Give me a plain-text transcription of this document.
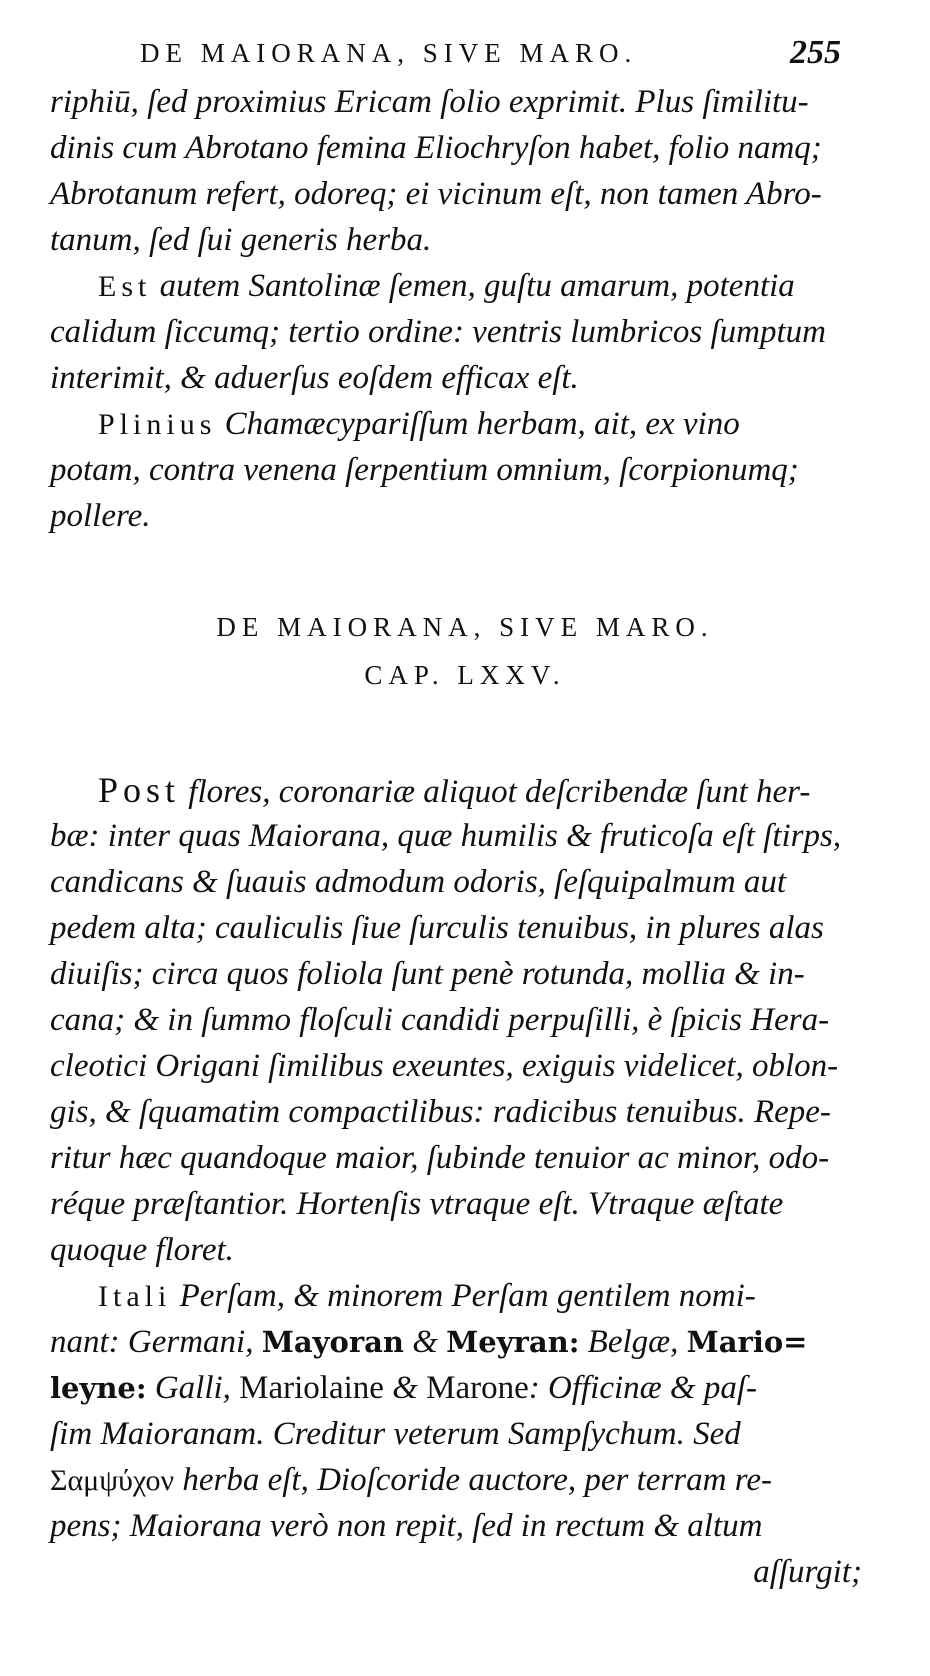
DE MAIORANA, SIVE MARO.	255
riphiū, ſed proximius Ericam ſolio exprimit. Plus ſimilitu-
dinis cum Abrotano femina Eliochryſon habet, folio namq;
Abrotanum refert, odoreq; ei vicinum eſt, non tamen Abro-
tanum, ſed ſui generis herba.
Est autem Santolinæ ſemen, guſtu amarum, potentia
calidum ſiccumq; tertio ordine: ventris lumbricos ſumptum
interimit, & aduerſus eoſdem efficax eſt.
Plinius Chamæcypariſſum herbam, ait, ex vino
potam, contra venena ſerpentium omnium, ſcorpionumq;
pollere.
DE MAIORANA, SIVE MARO.
CAP. LXXV.
Post flores, coronariæ aliquot deſcribendæ ſunt her-
bæ: inter quas Maiorana, quæ humilis & fruticoſa eſt ſtirps,
candicans & ſuauis admodum odoris, ſeſquipalmum aut
pedem alta; cauliculis ſiue ſurculis tenuibus, in plures alas
diuiſis; circa quos foliola ſunt penè rotunda, mollia & in-
cana; & in ſummo floſculi candidi perpuſilli, è ſpicis Hera-
cleotici Origani ſimilibus exeuntes, exiguis videlicet, oblon-
gis, & ſquamatim compactilibus: radicibus tenuibus. Repe-
ritur hæc quandoque maior, ſubinde tenuior ac minor, odo-
réque præſtantior. Hortenſis vtraque eſt. Vtraque æſtate
quoque floret.
Itali Perſam, & minorem Perſam gentilem nomi-
nant: Germani, Mayoran & Meyran: Belgæ, Mario=
leyne: Galli, Mariolaine & Marone: Officinæ & paſ-
ſim Maioranam. Creditur veterum Sampſychum. Sed
Σαμψύχον herba eſt, Dioſcoride auctore, per terram re-
pens; Maiorana verò non repit, ſed in rectum & altum
aſſurgit;
